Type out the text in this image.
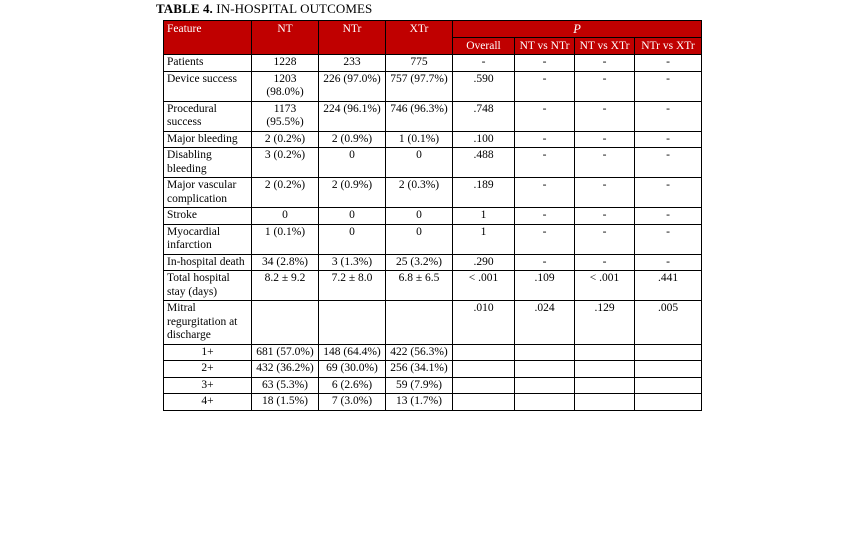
TABLE 4. IN-HOSPITAL OUTCOMES
Feature	NT	NTr	XTr	P			
				Overall	NT vs NTr	NT vs XTr	NTr vs XTr
Patients	1228	233	775	-	-	-	-
Device success	1203 (98.0%)	226 (97.0%)	757 (97.7%)	.590	-	-	-
Procedural success	1173 (95.5%)	224 (96.1%)	746 (96.3%)	.748	-	-	-
Major bleeding	2 (0.2%)	2 (0.9%)	1 (0.1%)	.100	-	-	-
Disabling bleeding	3 (0.2%)	0	0	.488	-	-	-
Major vascular complication	2 (0.2%)	2 (0.9%)	2 (0.3%)	.189	-	-	-
Stroke	0	0	0	1	-	-	-
Myocardial infarction	1 (0.1%)	0	0	1	-	-	-
In-hospital death	34 (2.8%)	3 (1.3%)	25 (3.2%)	.290	-	-	-
Total hospital stay (days)	8.2 ± 9.2	7.2 ± 8.0	6.8 ± 6.5	< .001	.109	< .001	.441
Mitral regurgitation at discharge				.010	.024	.129	.005
1+	681 (57.0%)	148 (64.4%)	422 (56.3%)				
2+	432 (36.2%)	69 (30.0%)	256 (34.1%)				
3+	63 (5.3%)	6 (2.6%)	59 (7.9%)				
4+	18 (1.5%)	7 (3.0%)	13 (1.7%)				
